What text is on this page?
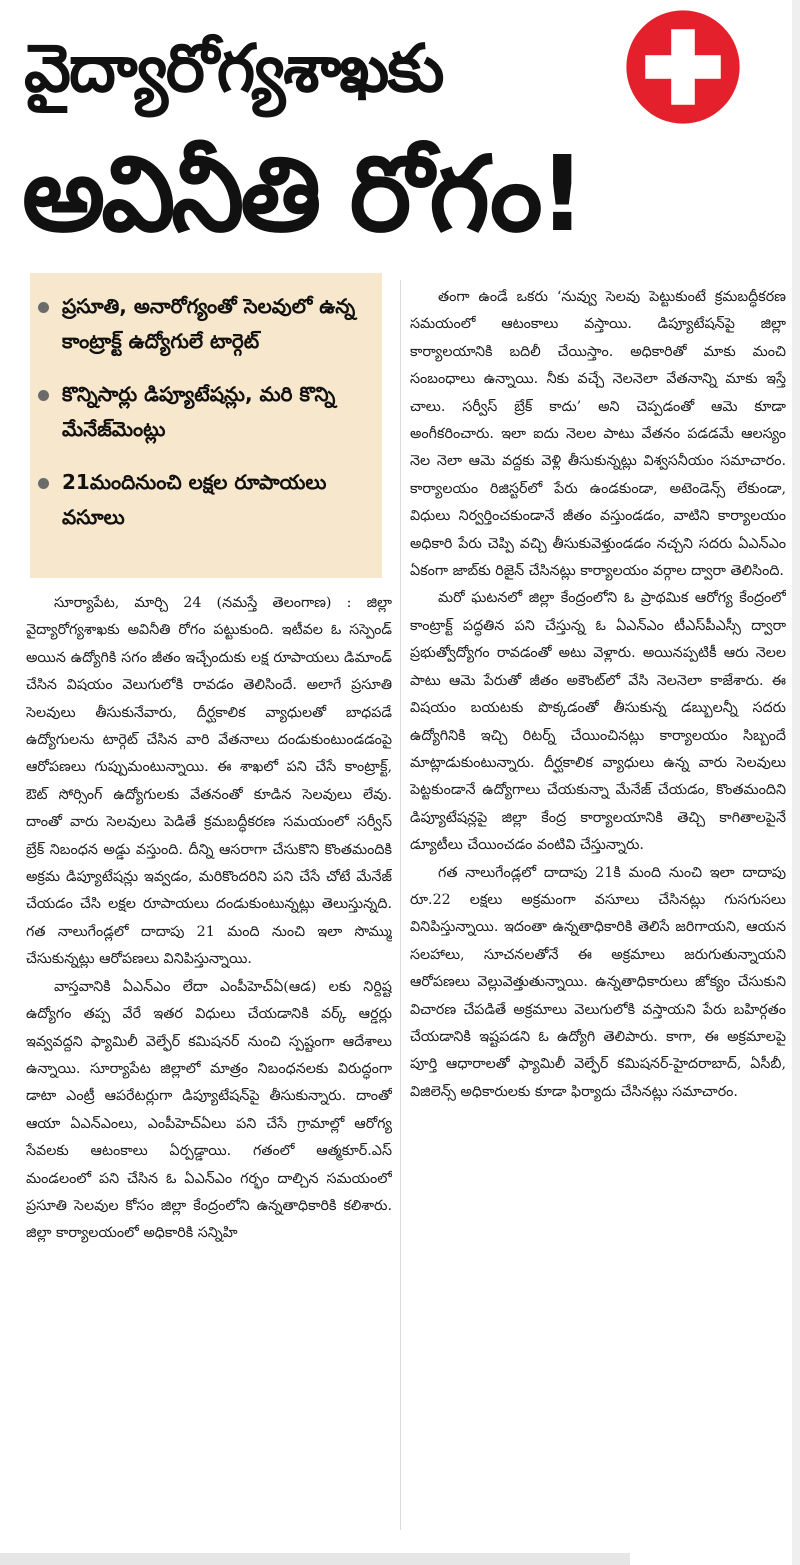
వైద్యారోగ్యశాఖకు
అవినీతి రోగం!
ప్రసూతి, అనారోగ్యంతో సెలవులో ఉన్న కాంట్రాక్ట్ ఉద్యోగులే టార్గెట్
కొన్నిసార్లు డిప్యూటేషన్లు, మరి కొన్ని మేనేజ్‌మెంట్లు
21మందినుంచి లక్షల రూపాయలు వసూలు

సూర్యాపేట, మార్చి 24 (నమస్తే తెలంగాణ) : జిల్లా వైద్యారోగ్యశాఖకు అవినీతి రోగం పట్టుకుంది. ఇటీవల ఓ సస్పెండ్ అయిన ఉద్యోగికి సగం జీతం ఇచ్చేందుకు లక్ష రూపాయలు డిమాండ్ చేసిన విషయం వెలుగులోకి రావడం తెలిసిందే. అలాగే ప్రసూతి సెలవులు తీసుకునేవారు, దీర్ఘకాలిక వ్యాధులతో బాధపడే ఉద్యోగులను టార్గెట్ చేసిన వారి వేతనాలు దండుకుంటుండడంపై ఆరోపణలు గుప్పుమంటున్నాయి. ఈ శాఖలో పని చేసే కాంట్రాక్ట్, ఔట్ సోర్సింగ్ ఉద్యోగులకు వేతనంతో కూడిన సెలవులు లేవు. దాంతో వారు సెలవులు పెడితే క్రమబద్ధీకరణ సమయంలో సర్వీస్ బ్రేక్ నిబంధన అడ్డు వస్తుంది. దీన్ని ఆసరాగా చేసుకొని కొంతమందికి అక్రమ డిప్యూటేషన్లు ఇవ్వడం, మరికొందరిని పని చేసే చోటే మేనేజ్ చేయడం చేసి లక్షల రూపాయలు దండుకుంటున్నట్లు తెలుస్తున్నది. గత నాలుగేండ్లలో దాదాపు 21 మంది నుంచి ఇలా సొమ్ము చేసుకున్నట్లు ఆరోపణలు వినిపిస్తున్నాయి.

వాస్తవానికి ఏఎన్ఎం లేదా ఎంపీహెచ్ఏ(ఆడ) లకు నిర్దిష్ట ఉద్యోగం తప్ప వేరే ఇతర విధులు చేయడానికి వర్క్ ఆర్డర్లు ఇవ్వవద్దని ఫ్యామిలీ వెల్ఫేర్ కమిషనర్ నుంచి స్పష్టంగా ఆదేశాలు ఉన్నాయి. సూర్యాపేట జిల్లాలో మాత్రం నిబంధనలకు విరుద్ధంగా డాటా ఎంట్రీ ఆపరేటర్లుగా డిప్యూటేషన్‌పై తీసుకున్నారు. దాంతో ఆయా ఏఎన్ఎంలు, ఎంపీహెచ్ఏలు పని చేసే గ్రామాల్లో ఆరోగ్య సేవలకు ఆటంకాలు ఏర్పడ్డాయి. గతంలో ఆత్మకూర్.ఎస్ మండలంలో పని చేసిన ఓ ఏఎన్ఎం గర్భం దాల్చిన సమయంలో ప్రసూతి సెలవుల కోసం జిల్లా కేంద్రంలోని ఉన్నతాధికారికి కలిశారు. జిల్లా కార్యాలయంలో అధికారికి సన్నిహి

తంగా ఉండే ఒకరు ‘నువ్వు సెలవు పెట్టుకుంటే క్రమబద్ధీకరణ సమయంలో ఆటంకాలు వస్తాయి. డిప్యూటేషన్‌పై జిల్లా కార్యాలయానికి బదిలీ చేయిస్తాం. అధికారితో మాకు మంచి సంబంధాలు ఉన్నాయి. నీకు వచ్చే నెలనెలా వేతనాన్ని మాకు ఇస్తే చాలు. సర్వీస్ బ్రేక్ కాదు’ అని చెప్పడంతో ఆమె కూడా అంగీకరించారు. ఇలా ఐదు నెలల పాటు వేతనం పడడమే ఆలస్యం నెల నెలా ఆమె వద్దకు వెళ్లి తీసుకున్నట్లు విశ్వసనీయం సమాచారం. కార్యాలయం రిజిస్టర్‌లో పేరు ఉండకుండా, అటెండెన్స్ లేకుండా, విధులు నిర్వర్తించకుండానే జీతం వస్తుండడం, వాటిని కార్యాలయం అధికారి పేరు చెప్పి వచ్చి తీసుకువెళ్తుండడం నచ్చని సదరు ఏఎన్ఎం ఏకంగా జాబ్‌కు రిజైన్ చేసినట్లు కార్యాలయం వర్గాల ద్వారా తెలిసింది.

మరో ఘటనలో జిల్లా కేంద్రంలోని ఓ ప్రాథమిక ఆరోగ్య కేంద్రంలో కాంట్రాక్ట్ పద్ధతిన పని చేస్తున్న ఓ ఏఎన్ఎం టీఎస్‌పీఎస్సీ ద్వారా ప్రభుత్వోద్యోగం రావడంతో అటు వెళ్లారు. అయినప్పటికీ ఆరు నెలల పాటు ఆమె పేరుతో జీతం అకౌంట్‌లో వేసి నెలనెలా కాజేశారు. ఈ విషయం బయటకు పొక్కడంతో తీసుకున్న డబ్బులన్నీ సదరు ఉద్యోగినికి ఇచ్చి రిటర్న్ చేయించినట్లు కార్యాలయం సిబ్బందే మాట్లాడుకుంటున్నారు. దీర్ఘకాలిక వ్యాధులు ఉన్న వారు సెలవులు పెట్టకుండానే ఉద్యోగాలు చేయకున్నా మేనేజ్ చేయడం, కొంతమందిని డిప్యూటేషన్లపై జిల్లా కేంద్ర కార్యాలయానికి తెచ్చి కాగితాలపైనే డ్యూటీలు చేయించడం వంటివి చేస్తున్నారు.

గత నాలుగేండ్లలో దాదాపు 21కి మంది నుంచి ఇలా దాదాపు రూ.22 లక్షలు అక్రమంగా వసూలు చేసినట్లు గుసగుసలు వినిపిస్తున్నాయి. ఇదంతా ఉన్నతాధికారికి తెలిసే జరిగాయని, ఆయన సలహాలు, సూచనలతోనే ఈ అక్రమాలు జరుగుతున్నాయని ఆరోపణలు వెల్లువెత్తుతున్నాయి. ఉన్నతాధికారులు జోక్యం చేసుకుని విచారణ చేపడితే అక్రమాలు వెలుగులోకి వస్తాయని పేరు బహిర్గతం చేయడానికి ఇష్టపడని ఓ ఉద్యోగి తెలిపారు. కాగా, ఈ అక్రమాలపై పూర్తి ఆధారాలతో ఫ్యామిలీ వెల్ఫేర్ కమిషనర్-హైదరాబాద్, ఏసీబీ, విజిలెన్స్ అధికారులకు కూడా ఫిర్యాదు చేసినట్లు సమాచారం.
